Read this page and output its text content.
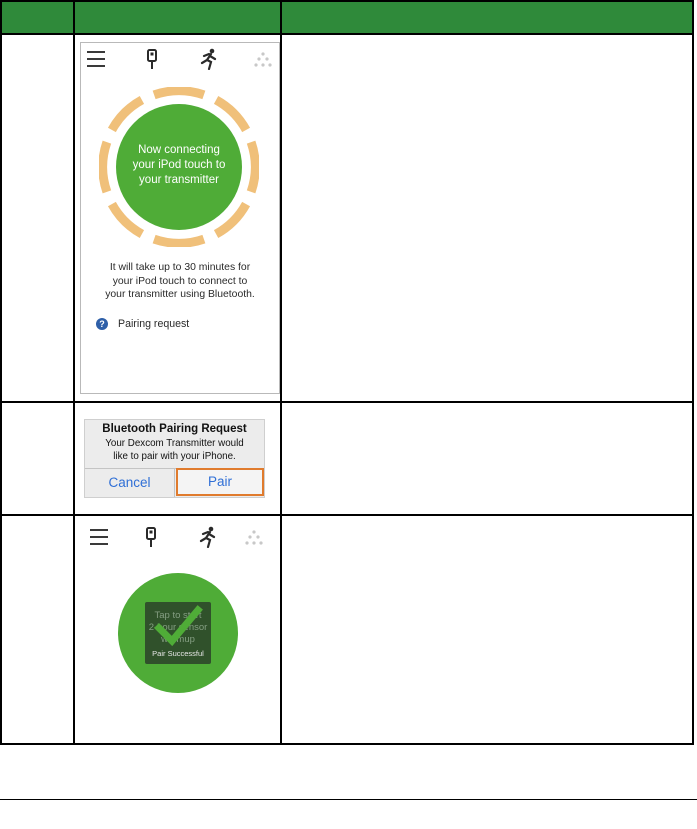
Now connecting
your iPod touch to
your transmitter
It will take up to 30 minutes for
your iPod touch to connect to
your transmitter using Bluetooth.
?	Pairing request
Bluetooth Pairing Request
Your Dexcom Transmitter would
like to pair with your iPhone.
Cancel	Pair
Tap to start
2-hour sensor
warmup
Pair Successful
